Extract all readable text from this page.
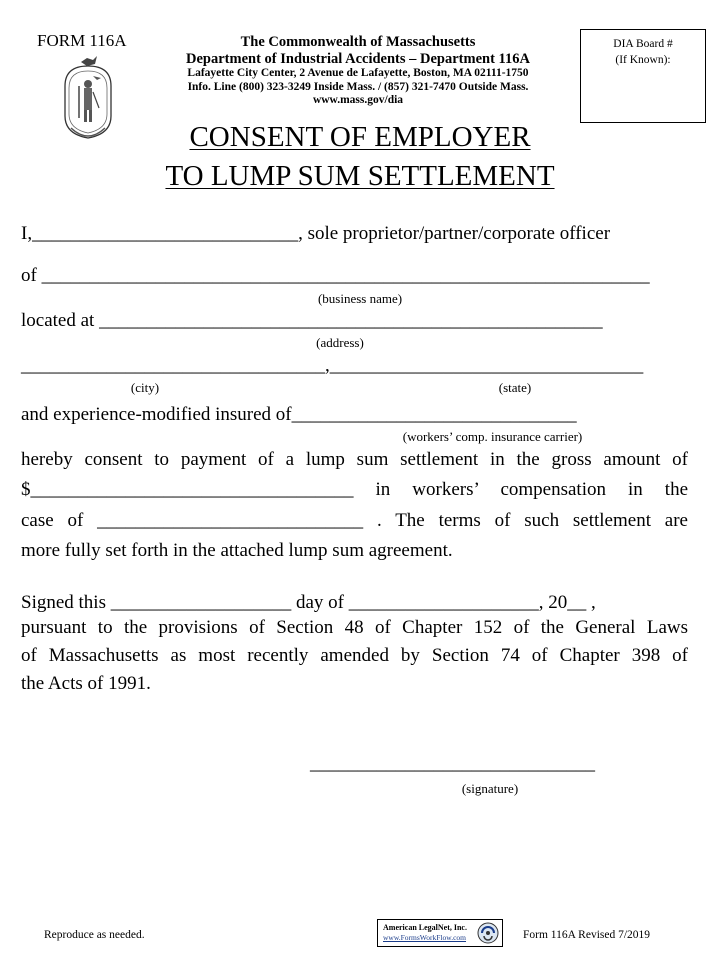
FORM 116A	The Commonwealth of Massachusetts
Department of Industrial Accidents – Department 116A
Lafayette City Center, 2 Avenue de Lafayette, Boston, MA 02111-1750
Info. Line (800) 323-3249 Inside Mass. / (857) 321-7470 Outside Mass.
www.mass.gov/dia
DIA Board #
(If Known):
CONSENT OF EMPLOYER
TO LUMP SUM SETTLEMENT
I,____________________________, sole proprietor/partner/corporate officer
of ________________________________________________________________
(business name)
located at _____________________________________________________
(address)
________________________________,_________________________________
(city)	(state)
and experience-modified insured of______________________________
(workers’ comp. insurance carrier)
hereby consent to payment of a lump sum settlement in the gross amount of
$__________________________________ in workers’ compensation in the
case of ____________________________ . The terms of such settlement are
more fully set forth in the attached lump sum agreement.
Signed this ___________________ day of ____________________, 20__ ,
pursuant to the provisions of Section 48 of Chapter 152 of the General Laws
of Massachusetts as most recently amended by Section 74 of Chapter 398 of
the Acts of 1991.
______________________________
(signature)
Reproduce as needed.
American LegalNet, Inc.
www.FormsWorkFlow.com	Form 116A Revised 7/2019
